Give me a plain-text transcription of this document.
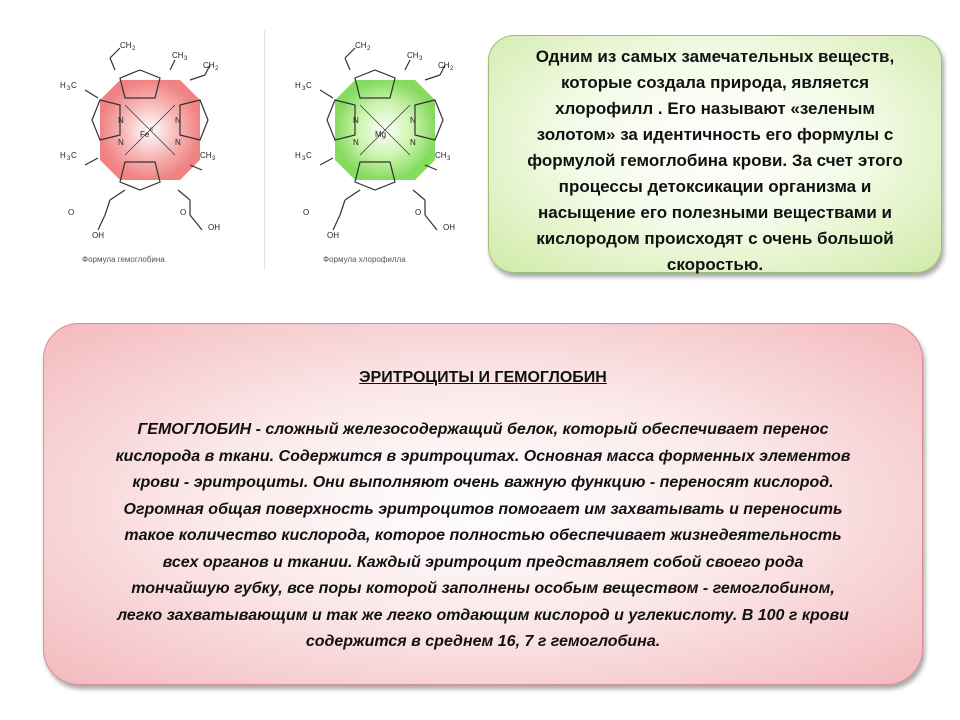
CH 2
CH 3
CH 2
H 3 C
H 3 C	CH 3
N	N
N	N
Fe II
O
OH
O
OH
Формула гемоглобина
CH 2
CH 3
CH 2
H 3 C
H 3 C	CH 3
N	N
N	N
Mg
O
OH
O
OH
Формула хлорофилла

Одним из самых замечательных веществ, которые создала природа, является хлорофилл . Его называют «зеленым золотом» за идентичность его формулы с формулой гемоглобина крови. За счет этого процессы детоксикации организма и насыщение его полезными веществами и кислородом происходят с очень большой скоростью.

ЭРИТРОЦИТЫ И ГЕМОГЛОБИН

ГЕМОГЛОБИН - сложный железосодержащий белок, который обеспечивает перенос кислорода в ткани. Содержится в эритроцитах. Основная масса форменных элементов крови - эритроциты. Они выполняют очень важную функцию - переносят кислород. Огромная общая поверхность эритроцитов помогает им захватывать и переносить такое количество кислорода, которое полностью обеспечивает жизнедеятельность всех органов и ткании. Каждый эритроцит представляет собой своего рода тончайшую губку, все поры которой заполнены особым веществом - гемоглобином, легко захватывающим и так же легко отдающим кислород и углекислоту. В 100 г крови содержится в среднем 16, 7 г гемоглобина.
